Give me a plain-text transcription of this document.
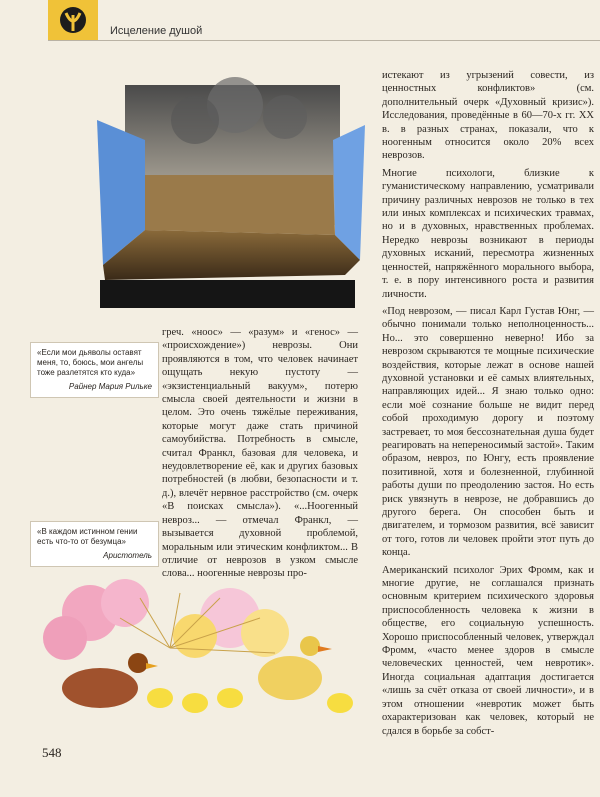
Исцеление душой
«Если мои дьяволы оставят меня, то, боюсь, мои ангелы тоже разлетятся кто куда»
Райнер Мария Рильке
«В каждом истинном гении есть что-то от безумца»
Аристотель

греч. «ноос» — «разум» и «генос» — «происхождение») неврозы. Они проявляются в том, что человек начинает ощущать некую пустоту — «экзистенциальный вакуум», потерю смысла своей деятельности и жизни в целом. Это очень тяжёлые переживания, которые могут даже стать причиной самоубийства. Потребность в смысле, считал Франкл, базовая для человека, и неудовлетворение её, как и других базовых потребностей (в любви, безопасности и т. д.), влечёт нервное расстройство (см. очерк «В поисках смысла»). «...Ноогенный невроз... — отмечал Франкл, — вызывается духовной проблемой, моральным или этическим конфликтом... В отличие от неврозов в узком смысле слова... ноогенные неврозы про-

истекают из угрызений совести, из ценностных конфликтов» (см. дополнительный очерк «Духовный кризис»). Исследования, проведённые в 60—70-х гг. XX в. в разных странах, показали, что к ноогенным относится около 20% всех неврозов.

Многие психологи, близкие к гуманистическому направлению, усматривали причину различных неврозов не только в тех или иных комплексах и психических травмах, но и в духовных, нравственных проблемах. Нередко неврозы возникают в периоды духовных исканий, пересмотра жизненных ценностей, напряжённого морального выбора, т. е. в пору интенсивного роста и развития личности.

«Под неврозом, — писал Карл Густав Юнг, — обычно понимали только неполноценность... Но... это совершенно неверно! Ибо за неврозом скрываются те мощные психические воздействия, которые лежат в основе нашей духовной установки и её самых влиятельных, направляющих идей... Я знаю только одно: если моё сознание больше не видит перед собой проходимую дорогу и поэтому застревает, то моя бессознательная душа будет реагировать на непереносимый застой». Таким образом, невроз, по Юнгу, есть проявление позитивной, хотя и болезненной, глубинной работы души по преодолению застоя. Но есть риск увязнуть в неврозе, не добравшись до другого берега. Он способен быть и двигателем, и тормозом развития, всё зависит от того, готов ли человек пройти этот путь до конца.

Американский психолог Эрих Фромм, как и многие другие, не соглашался признать основным критерием психического здоровья приспособленность человека к жизни в обществе, его социальную успешность. Хорошо приспособленный человек, утверждал Фромм, «часто менее здоров в смысле человеческих ценностей, чем невротик». Иногда социальная адаптация достигается «лишь за счёт отказа от своей личности», и в этом отношении «невротик может быть охарактеризован как человек, который не сдался в борьбе за собст-

548
